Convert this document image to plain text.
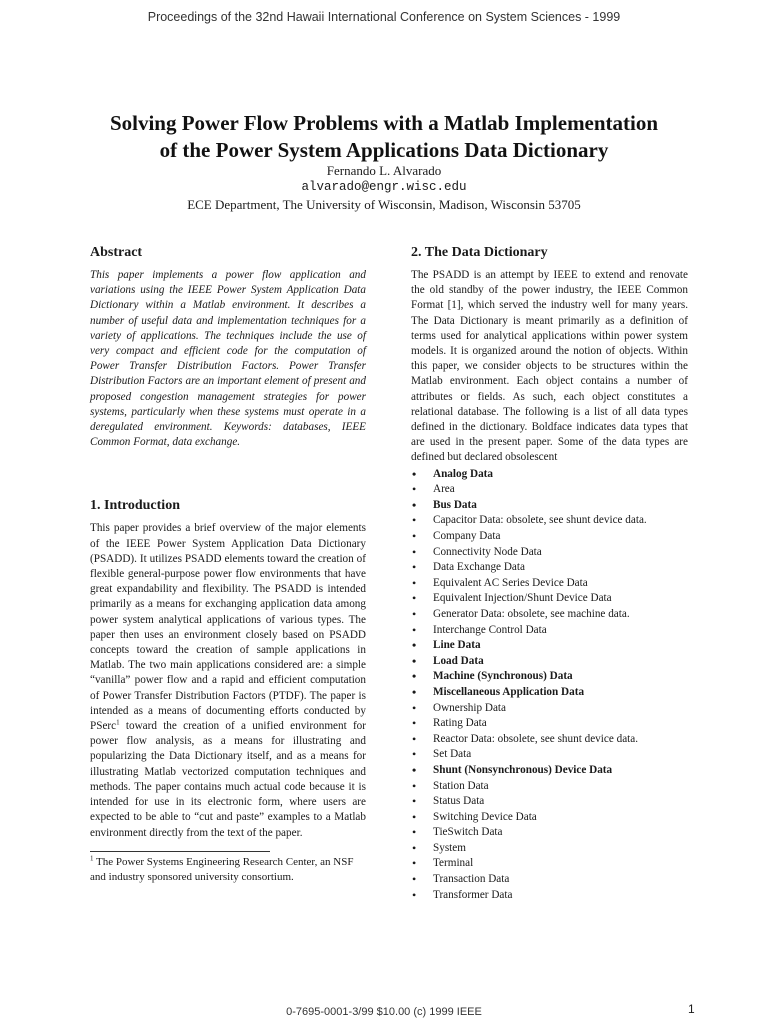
Proceedings of the 32nd Hawaii International Conference on System Sciences - 1999
Solving Power Flow Problems with a Matlab Implementation
of the Power System Applications Data Dictionary
Fernando L. Alvarado
alvarado@engr.wisc.edu
ECE Department, The University of Wisconsin, Madison, Wisconsin 53705
Abstract

This paper implements a power flow application and variations using the IEEE Power System Application Data Dictionary within a Matlab environment. It describes a number of useful data and implementation techniques for a variety of applications. The techniques include the use of very compact and efficient code for the computation of Power Transfer Distribution Factors. Power Transfer Distribution Factors are an important element of present and proposed congestion management strategies for power systems, particularly when these systems must operate in a deregulated environment. Keywords: databases, IEEE Common Format, data exchange.

1. Introduction

This paper provides a brief overview of the major elements of the IEEE Power System Application Data Dictionary (PSADD). It utilizes PSADD elements toward the creation of flexible general-purpose power flow environments that have great expandability and flexibility. The PSADD is intended primarily as a means for exchanging application data among power system analytical applications of various types. The paper then uses an environment closely based on PSADD concepts toward the creation of sample applications in Matlab. The two main applications considered are: a simple “vanilla” power flow and a rapid and efficient computation of Power Transfer Distribution Factors (PTDF). The paper is intended as a means of documenting efforts conducted by PSerc$^1$ toward the creation of a unified environment for power flow analysis, as a means for illustrating and popularizing the Data Dictionary itself, and as a means for illustrating Matlab vectorized computation techniques and methods. The paper contains much actual code because it is intended for use in its electronic form, where users are expected to be able to “cut and paste” examples to a Matlab environment directly from the text of the paper.

$^1$ The Power Systems Engineering Research Center, an NSF and industry sponsored university consortium.

2. The Data Dictionary

The PSADD is an attempt by IEEE to extend and renovate the old standby of the power industry, the IEEE Common Format [1], which served the industry well for many years. The Data Dictionary is meant primarily as a definition of terms used for analytical applications within power system models. It is organized around the notion of objects. Within this paper, we consider objects to be structures within the Matlab environment. Each object contains a number of attributes or fields. As such, each object constitutes a relational database. The following is a list of all data types defined in the dictionary. Boldface indicates data types that are used in the present paper. Some of the data types are defined but declared obsolescent

• Analog Data
• Area
• Bus Data
• Capacitor Data: obsolete, see shunt device data.
• Company Data
• Connectivity Node Data
• Data Exchange Data
• Equivalent AC Series Device Data
• Equivalent Injection/Shunt Device Data
• Generator Data: obsolete, see machine data.
• Interchange Control Data
• Line Data
• Load Data
• Machine (Synchronous) Data
• Miscellaneous Application Data
• Ownership Data
• Rating Data
• Reactor Data: obsolete, see shunt device data.
• Set Data
• Shunt (Nonsynchronous) Device Data
• Station Data
• Status Data
• Switching Device Data
• TieSwitch Data
• System
• Terminal
• Transaction Data
• Transformer Data
0-7695-0001-3/99 $10.00 (c) 1999 IEEE	1
